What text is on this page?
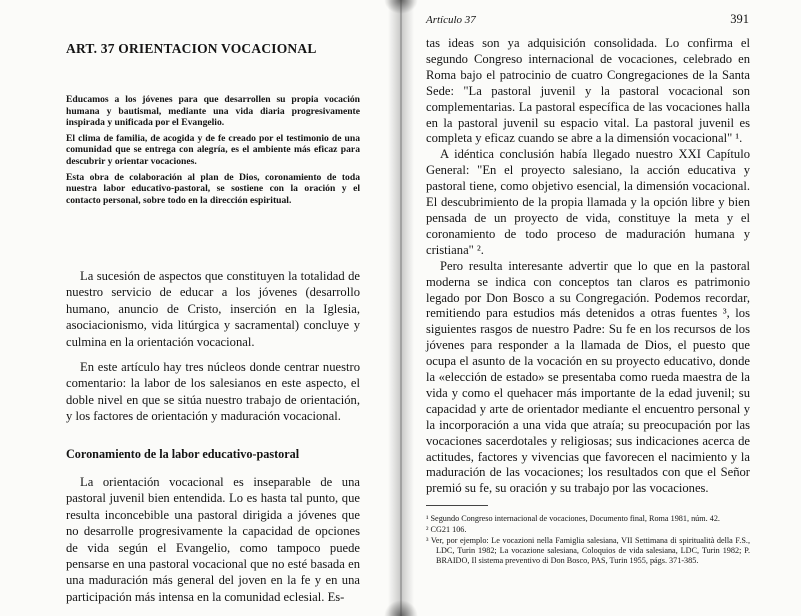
ART. 37 ORIENTACION VOCACIONAL

Educamos a los jóvenes para que desarrollen su propia vocación humana y bautismal, mediante una vida diaria progresivamente inspirada y unificada por el Evangelio.

El clima de familia, de acogida y de fe creado por el testimonio de una comunidad que se entrega con alegría, es el ambiente más eficaz para descubrir y orientar vocaciones.

Esta obra de colaboración al plan de Dios, coronamiento de toda nuestra labor educativo-pastoral, se sostiene con la oración y el contacto personal, sobre todo en la dirección espiritual.

La sucesión de aspectos que constituyen la totalidad de nuestro servicio de educar a los jóvenes (desarrollo humano, anuncio de Cristo, inserción en la Iglesia, asociacionismo, vida litúrgica y sacramental) concluye y culmina en la orientación vocacional.

En este artículo hay tres núcleos donde centrar nuestro comentario: la labor de los salesianos en este aspecto, el doble nivel en que se sitúa nuestro trabajo de orientación, y los factores de orientación y maduración vocacional.

Coronamiento de la labor educativo-pastoral

La orientación vocacional es inseparable de una pastoral juvenil bien entendida. Lo es hasta tal punto, que resulta inconcebible una pastoral dirigida a jóvenes que no desarrolle progresivamente la capacidad de opciones de vida según el Evangelio, como tampoco puede pensarse en una pastoral vocacional que no esté basada en una maduración más general del joven en la fe y en una participación más intensa en la comunidad eclesial. Es-

Artículo 37	391

tas ideas son ya adquisición consolidada. Lo confirma el segundo Congreso internacional de vocaciones, celebrado en Roma bajo el patrocinio de cuatro Congregaciones de la Santa Sede: "La pastoral juvenil y la pastoral vocacional son complementarias. La pastoral específica de las vocaciones halla en la pastoral juvenil su espacio vital. La pastoral juvenil es completa y eficaz cuando se abre a la dimensión vocacional" ¹.

A idéntica conclusión había llegado nuestro XXI Capítulo General: "En el proyecto salesiano, la acción educativa y pastoral tiene, como objetivo esencial, la dimensión vocacional. El descubrimiento de la propia llamada y la opción libre y bien pensada de un proyecto de vida, constituye la meta y el coronamiento de todo proceso de maduración humana y cristiana" ².

Pero resulta interesante advertir que lo que en la pastoral moderna se indica con conceptos tan claros es patrimonio legado por Don Bosco a su Congregación. Podemos recordar, remitiendo para estudios más detenidos a otras fuentes ³, los siguientes rasgos de nuestro Padre: Su fe en los recursos de los jóvenes para responder a la llamada de Dios, el puesto que ocupa el asunto de la vocación en su proyecto educativo, donde la «elección de estado» se presentaba como rueda maestra de la vida y como el quehacer más importante de la edad juvenil; su capacidad y arte de orientador mediante el encuentro personal y la incorporación a una vida que atraía; su preocupación por las vocaciones sacerdotales y religiosas; sus indicaciones acerca de actitudes, factores y vivencias que favorecen el nacimiento y la maduración de las vocaciones; los resultados con que el Señor premió su fe, su oración y su trabajo por las vocaciones.

¹ Segundo Congreso internacional de vocaciones, Documento final, Roma 1981, núm. 42.

² CG21 106.

³ Ver, por ejemplo: Le vocazioni nella Famiglia salesiana, VII Settimana di spiritualità della F.S., LDC, Turin 1982; La vocazione salesiana, Coloquios de vida salesiana, LDC, Turin 1982; P. BRAIDO, Il sistema preventivo di Don Bosco, PAS, Turin 1955, págs. 371-385.
